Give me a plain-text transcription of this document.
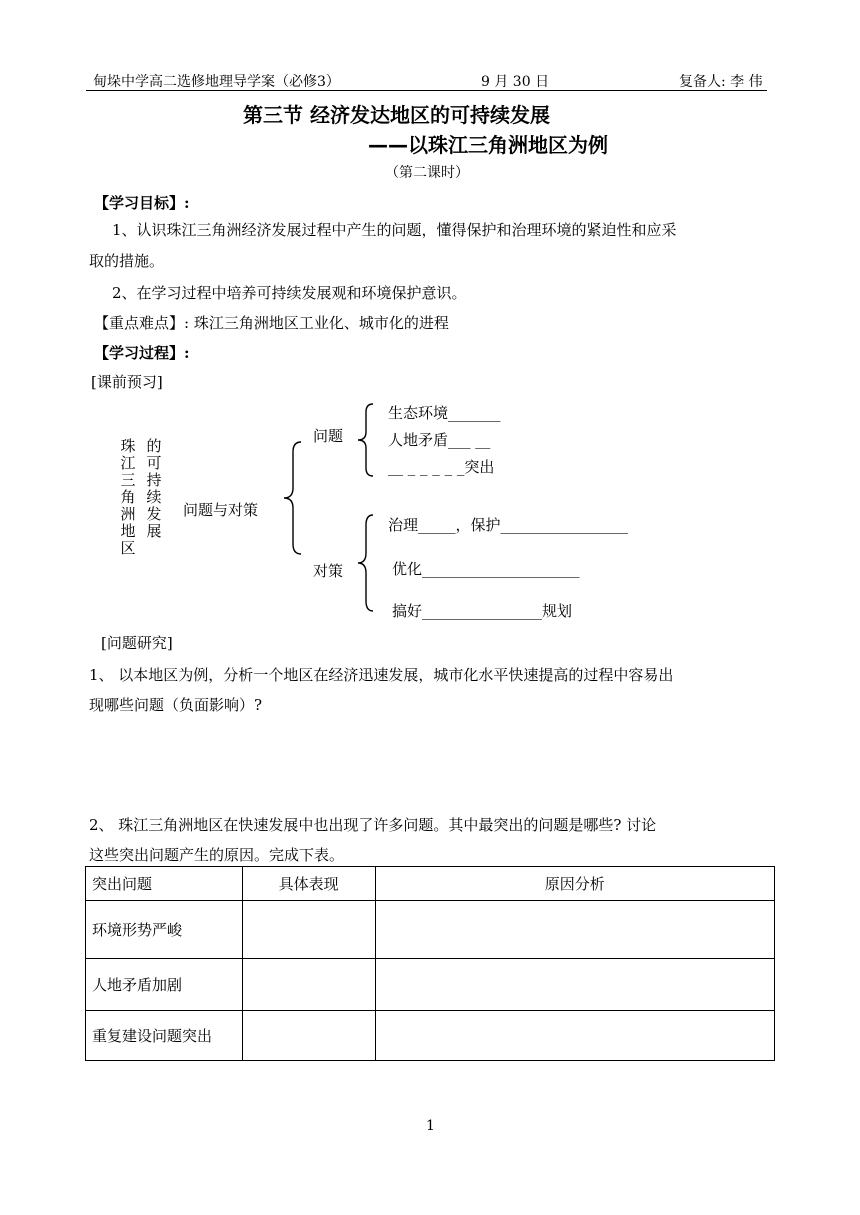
甸垛中学高二选修地理导学案（必修3）	9 月 30 日	复备人: 李 伟
第三节 经济发达地区的可持续发展
——以珠江三角洲地区为例
（第二课时）
【学习目标】:
1、认识珠江三角洲经济发展过程中产生的问题，懂得保护和治理环境的紧迫性和应采
取的措施。
2、在学习过程中培养可持续发展观和环境保护意识。
【重点难点】: 珠江三角洲地区工业化、城市化的进程
【学习过程】:
[课前预习]
珠
江
三
角
洲
地
区
的
可
持
续
发
展
问题与对策
问题
对策
生态环境_______
人地矛盾___ __
__ _ _ _ _ _突出
治理_____，保护_________________
优化_____________________
搞好________________规划
[问题研究]
1、 以本地区为例，分析一个地区在经济迅速发展，城市化水平快速提高的过程中容易出
现哪些问题（负面影响）?
2、 珠江三角洲地区在快速发展中也出现了许多问题。其中最突出的问题是哪些? 讨论
这些突出问题产生的原因。完成下表。
突出问题	具体表现	原因分析
环境形势严峻		
人地矛盾加剧		
重复建设问题突出		
1
